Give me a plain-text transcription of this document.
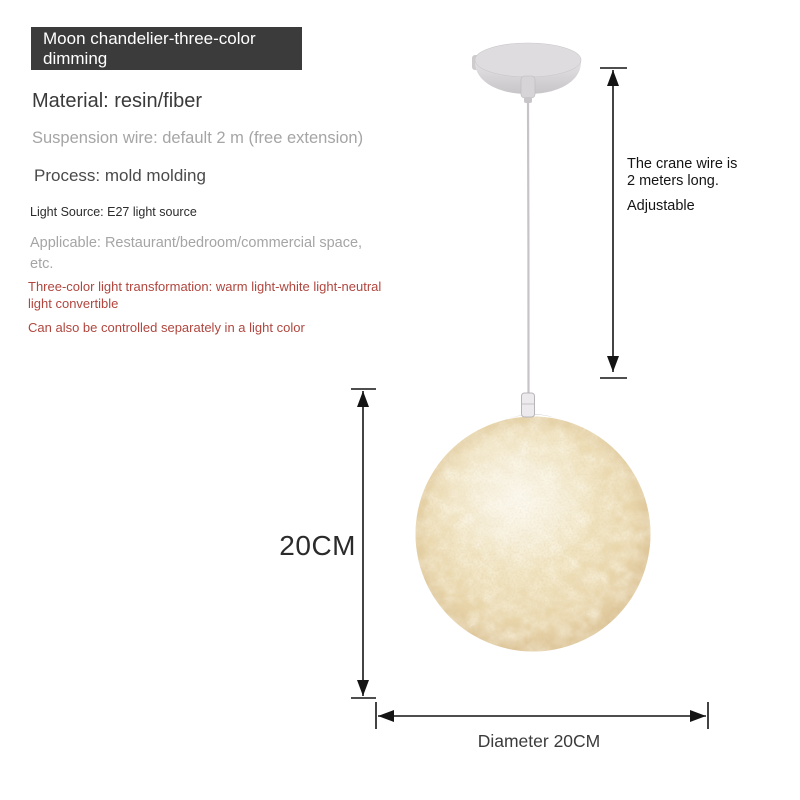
Moon chandelier-three-color
dimming
Material: resin/fiber
Suspension wire: default 2 m (free extension)
Process: mold molding
Light Source: E27 light source
Applicable: Restaurant/bedroom/commercial space,
etc.
Three-color light transformation: warm light-white light-neutral
light convertible
Can also be controlled separately in a light color
The crane wire is
2 meters long.
Adjustable
20CM
Diameter 20CM
